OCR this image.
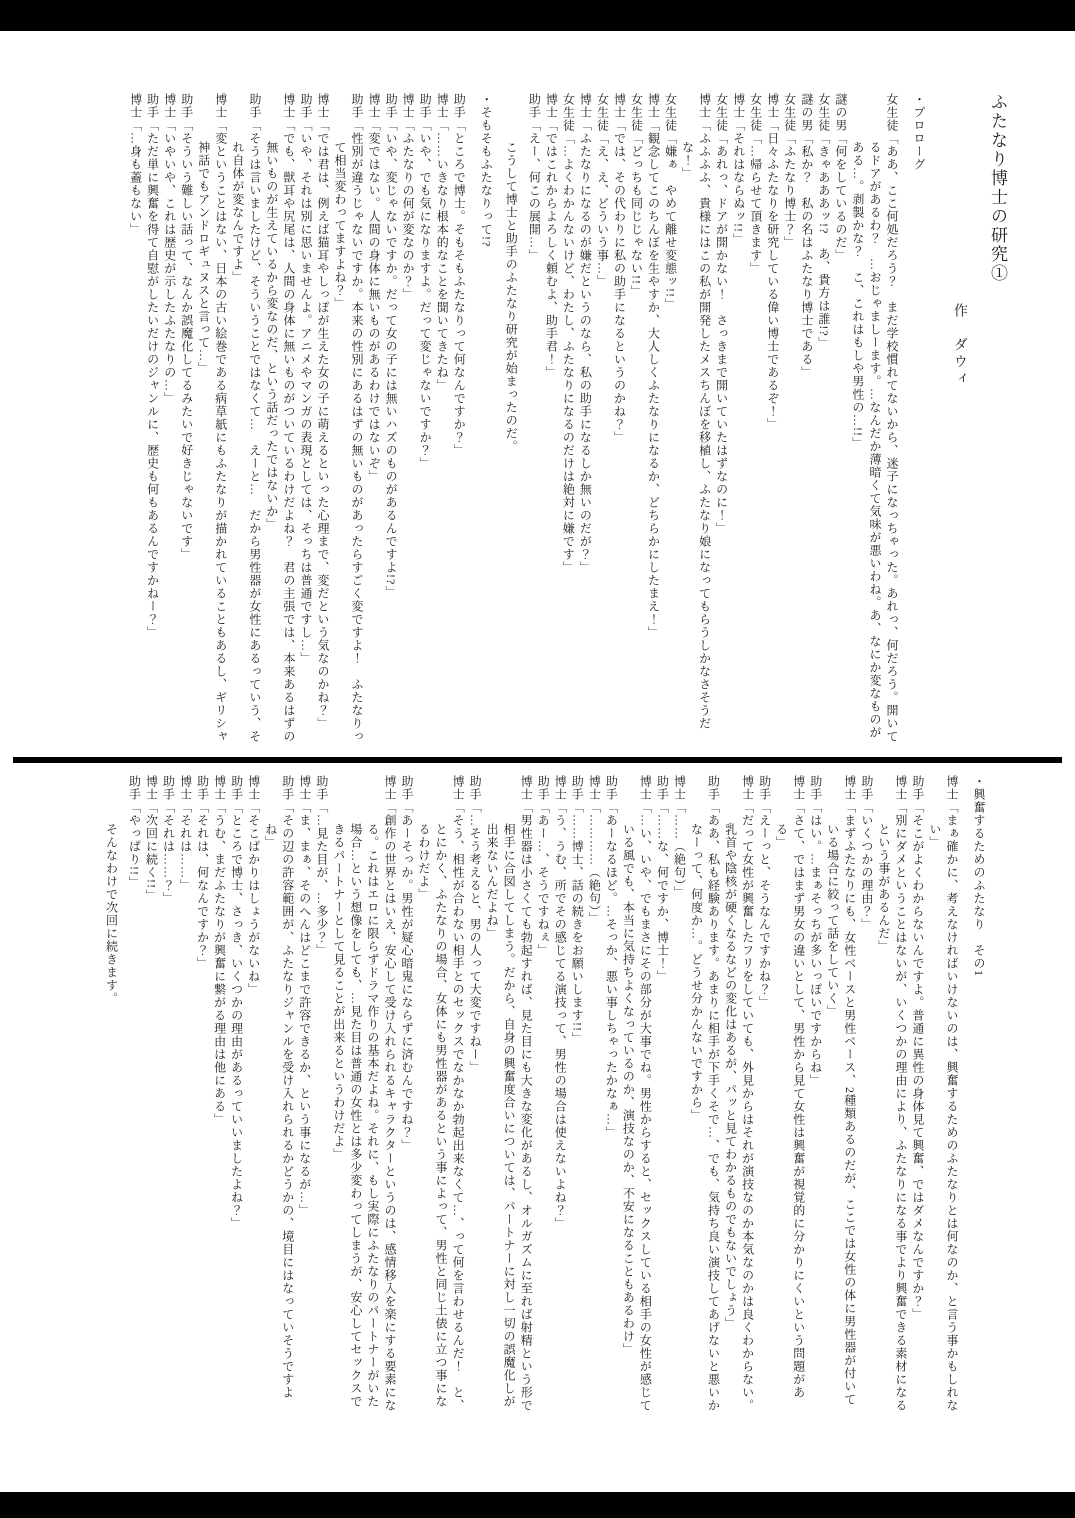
ふたなり博士の研究①

作　ダウィ

・プロローグ

女生徒「ああ、ここ何処だろう？　まだ学校慣れてないから、迷子になっちゃった。あれっ、何だろう。開いてるドアがあるわ？　…おじゃましーます。…なんだか薄暗くて気味が悪いわね。あ、なにか変なものがある…。剥製かな？　こ、これはもしや男性の…!!」

謎の男「何をしているのだ」

女生徒「きゃあああッ!?　あ、貴方は誰!?」

謎の男「私か？　私の名はふたなり博士である」

女生徒「ふたなり博士？」

博士「日々ふたなりを研究している偉い博士であるぞ！」

女生徒「…帰らせて頂きます」

博士「それはならぬッ!!」

女生徒「あれっ、ドアが開かない！　さっきまで開いていたはずなのに！」

博士「ふふふふ、貴様にはこの私が開発したメスちんぼを移植し、ふたなり娘になってもらうしかなさそうだな！」

女生徒「嫌ぁ　やめて離せ変態ッ!!」

博士「観念してこのちんぼを生やすか、大人しくふたなりになるか、どちらかにしたまえ！」

女生徒「どっちも同じじゃない!!」

博士「では、その代わりに私の助手になるというのかね？」

女生徒「え、え、どういう事…」

博士「ふたなりになるのが嫌だというのなら、私の助手になるしか無いのだが？」

女生徒「…よくわかんないけど、わたし、ふたなりになるのだけは絶対に嫌です」

博士「ではこれからよろしく頼むよ、助手君！」

助手「えー、何この展開…」

こうして博士と助手のふたなり研究が始まったのだ。

・そもそもふたなりって!?

助手「ところで博士。そもそもふたなりって何なんですか？」

博士「……いきなり根本的なことを聞いてきたね」

助手「いや、でも気になりますよ。だって変じゃないですか？」

博士「ふたなりの何が変なのか？」

助手「いや、変じゃないですか。だって女の子には無いハズのものがあるんですよ!?」

博士「変ではない。人間の身体に無いものがあるわけではないぞ」

助手「性別が違うじゃないですか。本来の性別にあるはずの無いものがあったらすごく変ですよ！　ふたなりって相当変わってますよね？」

博士「では君は、例えば猫耳やしっぽが生えた女の子に萌えるといった心理まで、変だという気なのかね？」

助手「いや、それは別に思いませんよ。アニメやマンガの表現としては、そっちは普通ですし…」

博士「でも、獣耳や尻尾は、人間の身体に無いものがついているわけだよね？　君の主張では、本来あるはずの無いものが生えているから変なのだ、という話だったではないか」

助手「そうは言いましたけど、そういうことではなくて…　えーと…　だから男性器が女性にあるっていう、それ自体が変なんですよ」

博士「変ということはない、日本の古い絵巻である病草紙にもふたなりが描かれていることもあるし、ギリシャ神話でもアンドロギュヌスと言って…」

助手「そういう難しい話って、なんか誤魔化してるみたいで好きじゃないです」

博士「いやいや、これは歴史が示したふたなりの…」

助手「ただ単に興奮を得て自慰がしたいだけのジャンルに、歴史も何もあるんですかねー？」

博士「…身も蓋もない」

・興奮するためのふたなり　その1

博士「まぁ確かに、考えなければいけないのは、興奮するためのふたなりとは何なのか、と言う事かもしれない」

助手「そこがよくわからないんですよ。普通に異性の身体見て興奮、ではダメなんですか？」

博士「別にダメということはないが、いくつかの理由により、ふたなりになる事でより興奮できる素材になるという事があるんだ」

助手「いくつかの理由？」

博士「まずふたなりにも、女性ベースと男性ベース、2種類あるのだが、ここでは女性の体に男性器が付いている場合に絞って話をしていく」

助手「はい。…まぁそっちが多いっぽいですからね」

博士「さて、ではまず男女の違いとして、男性から見て女性は興奮が視覚的に分かりにくいという問題がある」

助手「えーっと、そうなんですかね？」

博士「だって女性が興奮したフリをしていても、外見からはそれが演技なのか本気なのかは良くわからない。乳首や陰核が硬くなるなどの変化はあるが、パッと見てわかるものでもないでしょう」

助手「ああ、私も経験あります。あまりに相手が下手くそで…、でも、気持ち良い演技してあげないと悪いかなーって、何度か…。どうせ分かんないですから」

博士「……（絶句）」

助手「……な、何ですか、博士！」

博士「…い、いや、でもまさにその部分が大事でね。男性からすると、セックスしている相手の女性が感じている風でも、本当に気持ちよくなっているのか、演技なのか、不安になることもあるわけ」

助手「あーなるほど。…そっか、悪い事しちゃったかなぁ…」

博士「…………（絶句）」

助手「……博士、話の続きをお願いします!!」

博士「う、うむ、所でその感じてる演技って、男性の場合は使えないよね？」

助手「あー…、そうですねぇ」

博士「男性器は小さくても勃起すれば、見た目にも大きな変化があるし、オルガズムに至れば射精という形で相手に合図してしまう。だから、自身の興奮度合いについては、パートナーに対し一切の誤魔化しが出来ないんだよね」

助手「…そう考えると、男の人って大変ですねー」

博士「そう、相性が合わない相手とのセックスでなかなか勃起出来なくて…、って何を言わせるんだ！　と、とにかく、ふたなりの場合、女体にも男性器があるという事によって、男性と同じ土俵に立つ事になるわけだよ」

助手「あーそっか。男性が疑心暗鬼にならずに済むんですね？」

博士「創作の世界とはいえ、安心して受け入れられるキャラクターというのは、感情移入を楽にする要素になる。これはエロに限らずドラマ作りの基本だよね。それに、もし実際にふたなりのパートナーがいた場合…という想像をしても、…見た目は普通の女性とは多少変わってしまうが、安心してセックスできるパートナーとして見ることが出来るというわけだよ」

助手「…見た目が、…多少？」

博士「ま、まぁ、そのへんはどこまで許容できるか、という事になるが…」

助手「その辺の許容範囲が、ふたなりジャンルを受け入れられるかどうかの、境目にはなっていそうですよね」

博士「そこばかりはしょうがないね」

助手「ところで博士、さっき、いくつかの理由があるっていいましたよね？」

博士「うむ、まだふたなりが興奮に繋がる理由は他にある」

助手「それは、何なんですか？」

博士「それは……」

助手「それは……？」

博士「次回に続く!!」

助手「やっぱり!!」

そんなわけで次回に続きます。
